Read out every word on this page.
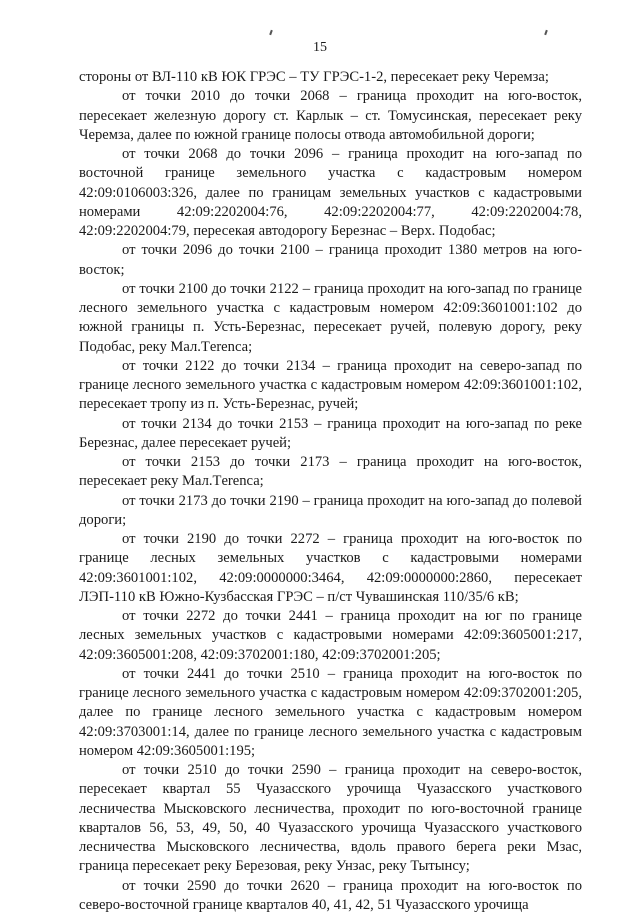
15

стороны от ВЛ-110 кВ ЮК ГРЭС – ТУ ГРЭС-1-2, пересекает реку Черемза;

от точки 2010 до точки 2068 – граница проходит на юго-восток, пересекает железную дорогу ст. Карлык – ст. Томусинская, пересекает реку Черемза, далее по южной границе полосы отвода автомобильной дороги;

от точки 2068 до точки 2096 – граница проходит на юго-запад по восточной границе земельного участка с кадастровым номером 42:09:0106003:326, далее по границам земельных участков с кадастровыми номерами 42:09:2202004:76, 42:09:2202004:77, 42:09:2202004:78, 42:09:2202004:79, пересекая автодорогу Березнас – Верх. Подобас;

от точки 2096 до точки 2100 – граница проходит 1380 метров на юго-восток;

от точки 2100 до точки 2122 – граница проходит на юго-запад по границе лесного земельного участка с кадастровым номером 42:09:3601001:102 до южной границы п. Усть-Березнас, пересекает ручей, полевую дорогу, реку Подобас, реку Мал.Тerenса;

от точки 2122 до точки 2134 – граница проходит на северо-запад по границе лесного земельного участка с кадастровым номером 42:09:3601001:102, пересекает тропу из п. Усть-Березнас, ручей;

от точки 2134 до точки 2153 – граница проходит на юго-запад по реке Березнас, далее пересекает ручей;

от точки 2153 до точки 2173 – граница проходит на юго-восток, пересекает реку Мал.Тerenса;

от точки 2173 до точки 2190 – граница проходит на юго-запад до полевой дороги;

от точки 2190 до точки 2272 – граница проходит на юго-восток по границе лесных земельных участков с кадастровыми номерами 42:09:3601001:102, 42:09:0000000:3464, 42:09:0000000:2860, пересекает ЛЭП-110 кВ Южно-Кузбасская ГРЭС – п/ст Чувашинская 110/35/6 кВ;

от точки 2272 до точки 2441 – граница проходит на юг по границе лесных земельных участков с кадастровыми номерами 42:09:3605001:217, 42:09:3605001:208, 42:09:3702001:180, 42:09:3702001:205;

от точки 2441 до точки 2510 – граница проходит на юго-восток по границе лесного земельного участка с кадастровым номером 42:09:3702001:205, далее по границе лесного земельного участка с кадастровым номером 42:09:3703001:14, далее по границе лесного земельного участка с кадастровым номером 42:09:3605001:195;

от точки 2510 до точки 2590 – граница проходит на северо-восток, пересекает квартал 55 Чуазасского урочища Чуазасского участкового лесничества Мысковского лесничества, проходит по юго-восточной границе кварталов 56, 53, 49, 50, 40 Чуазасского урочища Чуазасского участкового лесничества Мысковского лесничества, вдоль правого берега реки Мзас, граница пересекает реку Березовая, реку Унзас, реку Тытынсу;

от точки 2590 до точки 2620 – граница проходит на юго-восток по северо-восточной границе кварталов 40, 41, 42, 51 Чуазасского урочища
